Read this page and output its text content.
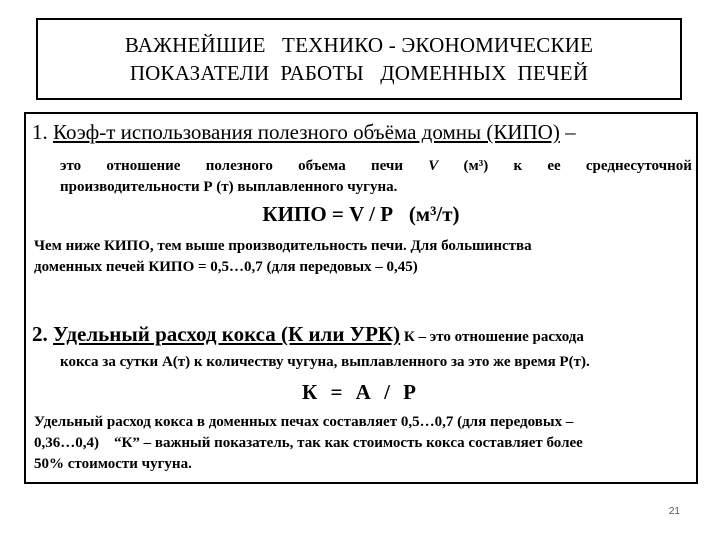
ВАЖНЕЙШИЕ   ТЕХНИКО - ЭКОНОМИЧЕСКИЕ
ПОКАЗАТЕЛИ  РАБОТЫ   ДОМЕННЫХ  ПЕЧЕЙ
1. Коэф-т использования полезного объёма домны (КИПО) –
это отношение полезного объема печи V (м³) к ее среднесуточной
производительности Р (т) выплавленного чугуна.
КИПО = V / Р   (м³/т)
Чем ниже КИПО, тем выше производительность печи. Для большинства
доменных печей КИПО = 0,5…0,7 (для передовых – 0,45)
2. Удельный расход кокса (К или УРК) К – это отношение расхода
кокса за сутки А(т) к количеству чугуна, выплавленного за это же время Р(т).
К = А / Р
Удельный расход кокса в доменных печах составляет 0,5…0,7 (для передовых –
0,36…0,4)    “К” – важный показатель, так как стоимость кокса составляет более
50% стоимости чугуна.
21
